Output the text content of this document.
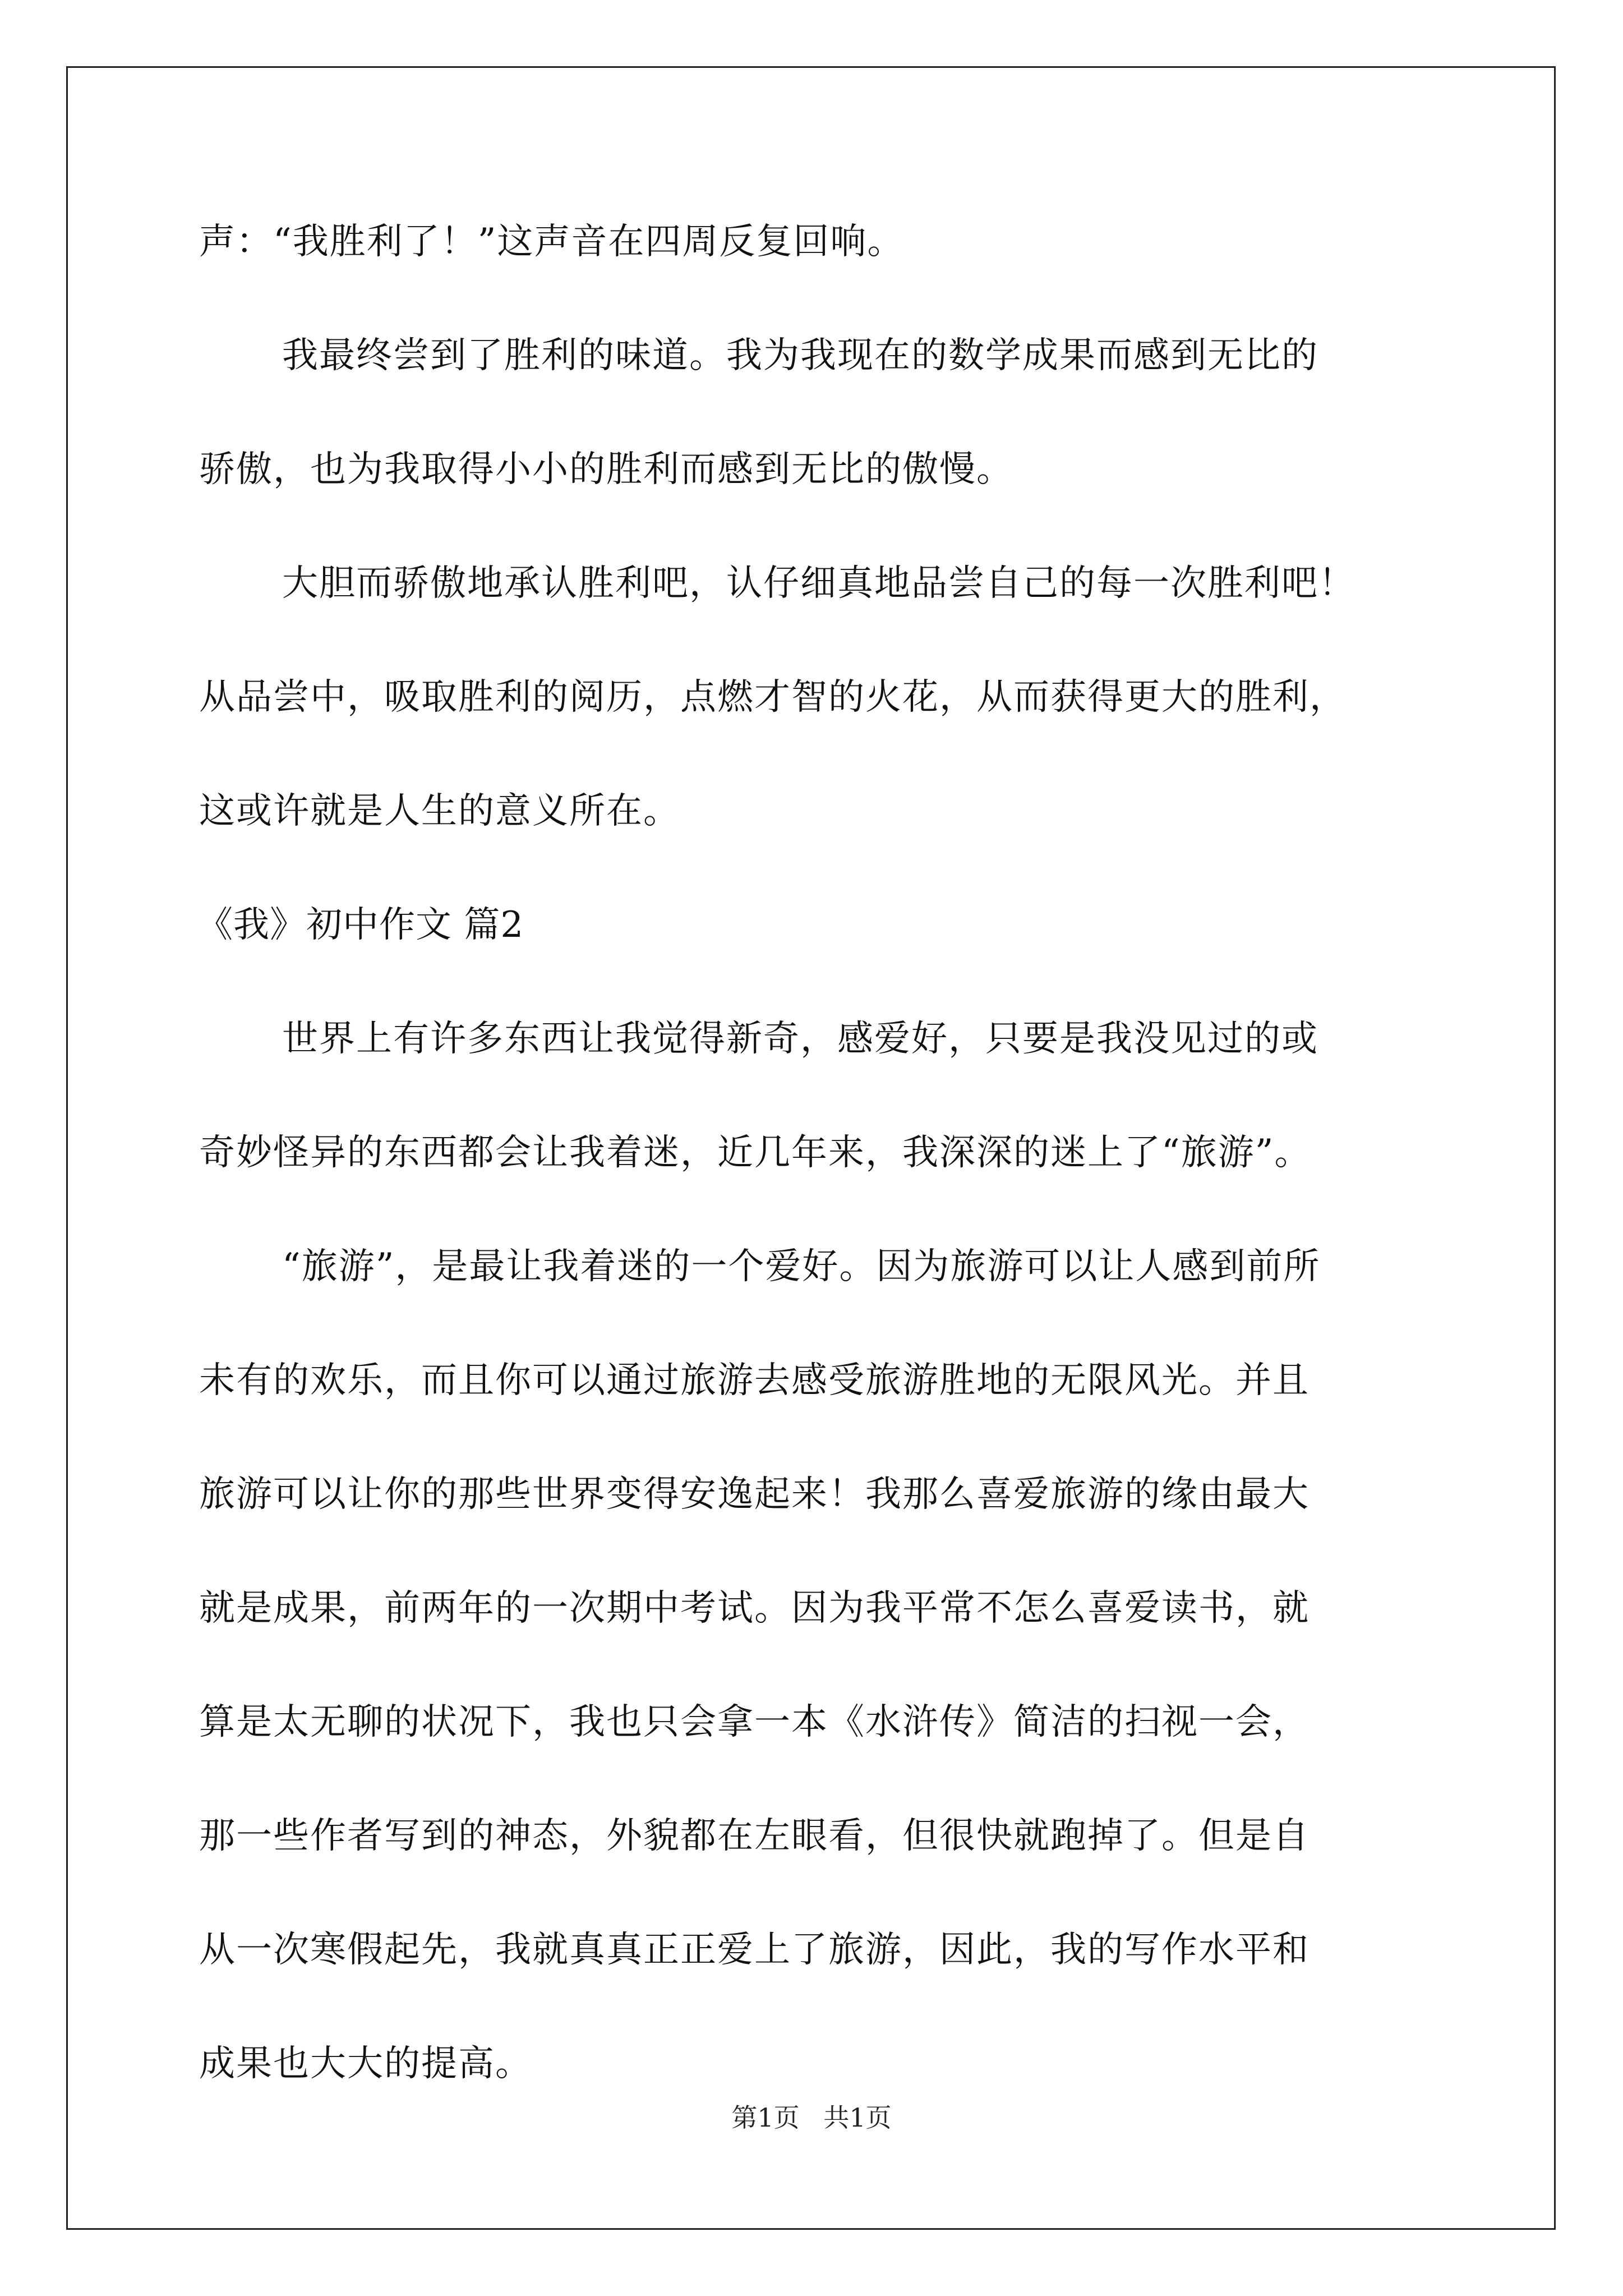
声：“我胜利了！”这声音在四周反复回响。
我最终尝到了胜利的味道。我为我现在的数学成果而感到无比的
骄傲，也为我取得小小的胜利而感到无比的傲慢。
大胆而骄傲地承认胜利吧，认仔细真地品尝自己的每一次胜利吧！
从品尝中，吸取胜利的阅历，点燃才智的火花，从而获得更大的胜利，
这或许就是人生的意义所在。
《我》初中作文 篇2
世界上有许多东西让我觉得新奇，感爱好，只要是我没见过的或
奇妙怪异的东西都会让我着迷，近几年来，我深深的迷上了“旅游”。
“旅游”，是最让我着迷的一个爱好。因为旅游可以让人感到前所
未有的欢乐，而且你可以通过旅游去感受旅游胜地的无限风光。并且
旅游可以让你的那些世界变得安逸起来！我那么喜爱旅游的缘由最大
就是成果，前两年的一次期中考试。因为我平常不怎么喜爱读书，就
算是太无聊的状况下，我也只会拿一本《水浒传》简洁的扫视一会，
那一些作者写到的神态，外貌都在左眼看，但很快就跑掉了。但是自
从一次寒假起先，我就真真正正爱上了旅游，因此，我的写作水平和
成果也大大的提高。
第1页 共1页
